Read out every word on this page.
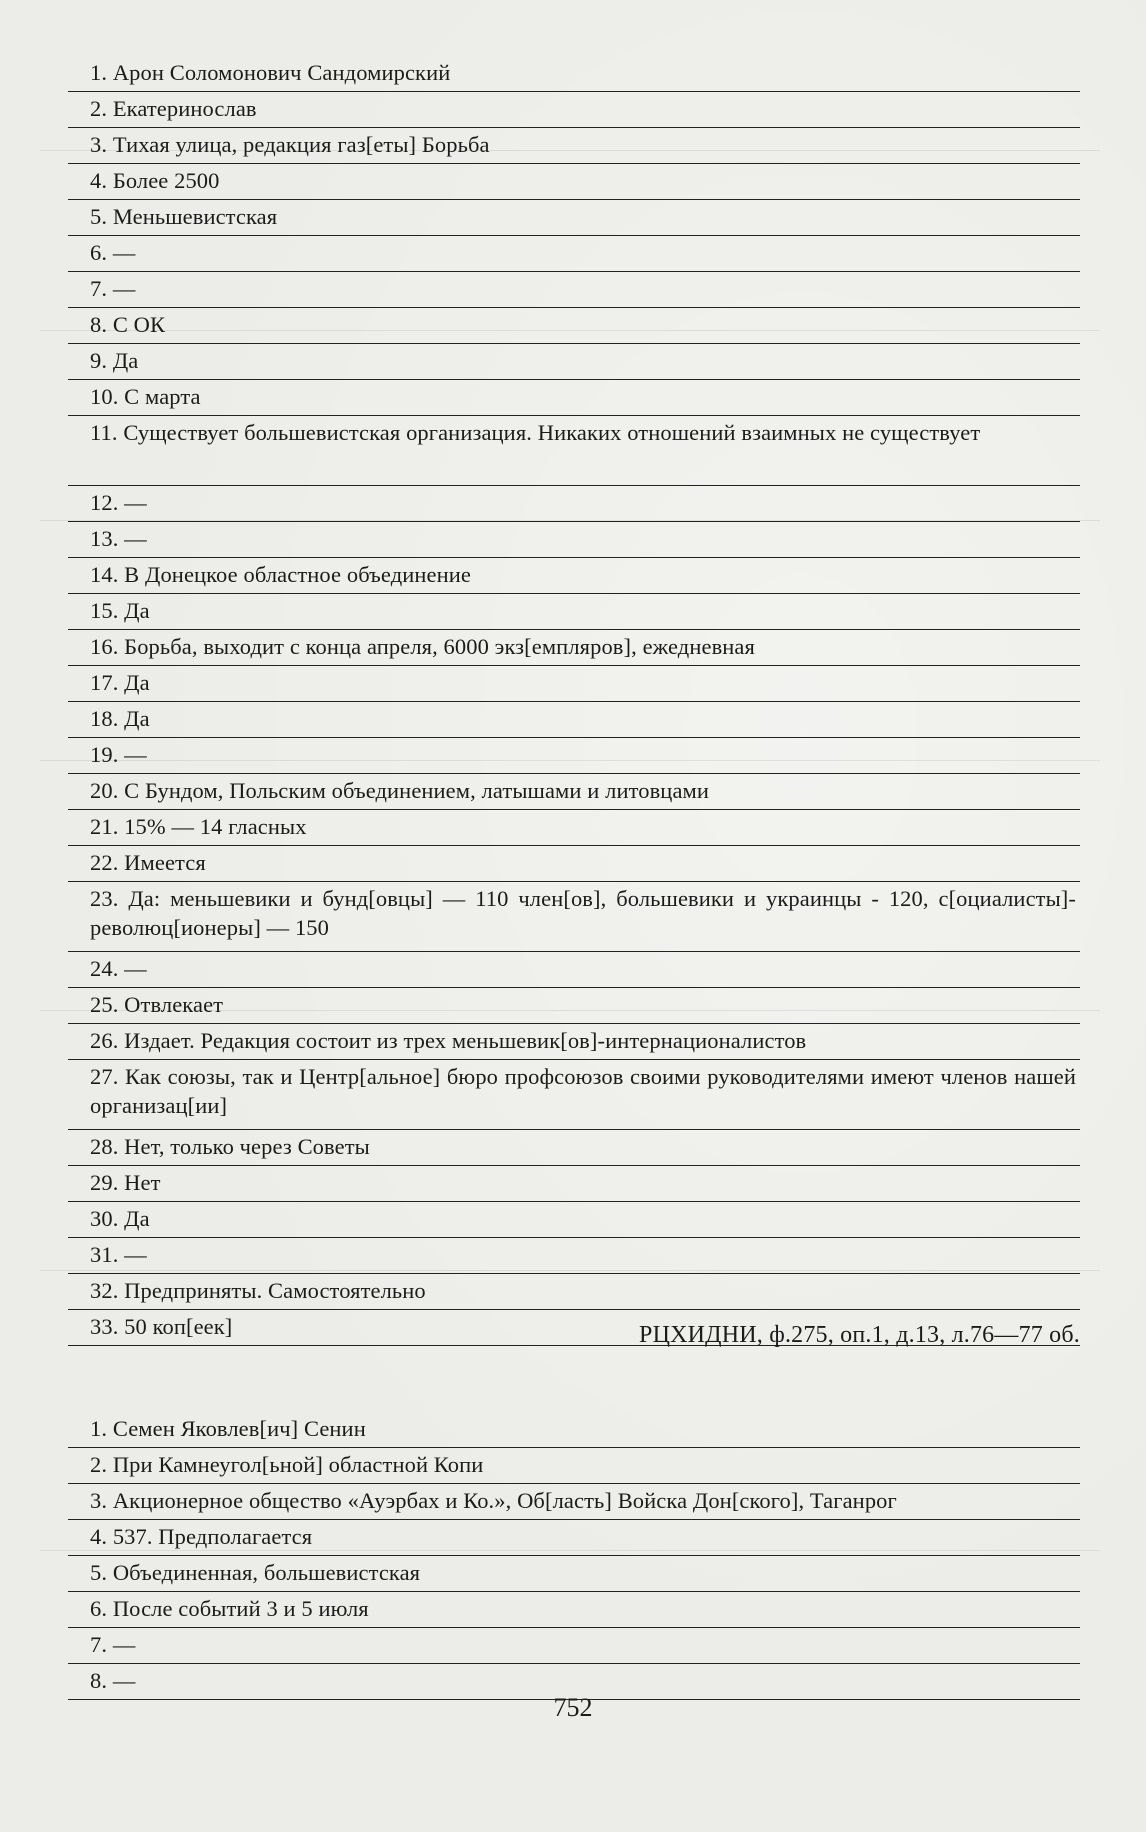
1. Арон Соломонович Сандомирский
2. Екатеринослав
3. Тихая улица, редакция газ[еты] Борьба
4. Более 2500
5. Меньшевистская
6. —
7. —
8. С ОК
9. Да
10. С марта
11. Существует большевистская организация. Никаких отношений взаимных не существует
12. —
13. —
14. В Донецкое областное объединение
15. Да
16. Борьба, выходит с конца апреля, 6000 экз[емпляров], ежедневная
17. Да
18. Да
19. —
20. С Бундом, Польским объединением, латышами и литовцами
21. 15% — 14 гласных
22. Имеется
23. Да: меньшевики и бунд[овцы] — 110 член[ов], большевики и украинцы - 120, с[оциалисты]-революц[ионеры] — 150
24. —
25. Отвлекает
26. Издает. Редакция состоит из трех меньшевик[ов]-интернационалистов
27. Как союзы, так и Центр[альное] бюро профсоюзов своими руководителями имеют членов нашей организац[ии]
28. Нет, только через Советы
29. Нет
30. Да
31. —
32. Предприняты. Самостоятельно
33. 50 коп[еек]	РЦХИДНИ, ф.275, оп.1, д.13, л.76—77 об.
1. Семен Яковлев[ич] Сенин
2. При Камнеугол[ьной] областной Копи
3. Акционерное общество «Ауэрбах и Ко.», Об[ласть] Войска Дон[ского], Таганрог
4. 537. Предполагается
5. Объединенная, большевистская
6. После событий 3 и 5 июля
7. —
8. —
752
